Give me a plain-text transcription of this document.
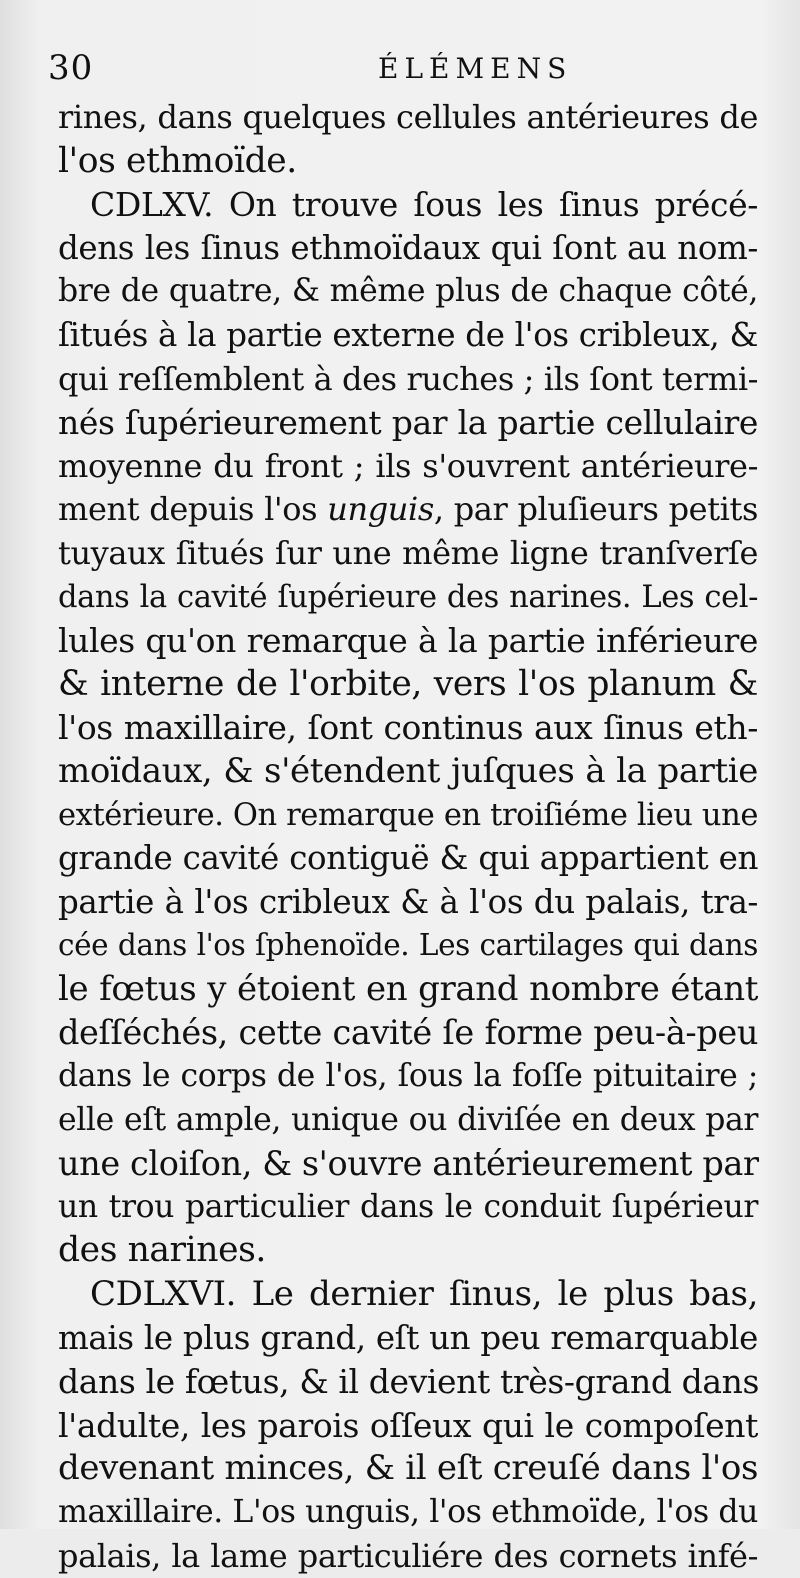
30	ÉLÉMENS
rines, dans quelques cellules antérieures de
l'os ethmoïde.
CDLXV. On trouve ſous les ſinus précé-
dens les ſinus ethmoïdaux qui ſont au nom-
bre de quatre, & même plus de chaque côté,
ſitués à la partie externe de l'os cribleux, &
qui reſſemblent à des ruches ; ils ſont termi-
nés ſupérieurement par la partie cellulaire
moyenne du front ; ils s'ouvrent antérieure-
ment depuis l'os unguis, par pluſieurs petits
tuyaux ſitués ſur une même ligne tranſverſe
dans la cavité ſupérieure des narines. Les cel-
lules qu'on remarque à la partie inférieure
& interne de l'orbite, vers l'os planum &
l'os maxillaire, ſont continus aux ſinus eth-
moïdaux, & s'étendent juſques à la partie
extérieure. On remarque en troiſiéme lieu une
grande cavité contiguë & qui appartient en
partie à l'os cribleux & à l'os du palais, tra-
cée dans l'os ſphenoïde. Les cartilages qui dans
le fœtus y étoient en grand nombre étant
deſſéchés, cette cavité ſe forme peu-à-peu
dans le corps de l'os, ſous la foſſe pituitaire ;
elle eſt ample, unique ou diviſée en deux par
une cloiſon, & s'ouvre antérieurement par
un trou particulier dans le conduit ſupérieur
des narines.
CDLXVI. Le dernier ſinus, le plus bas,
mais le plus grand, eſt un peu remarquable
dans le fœtus, & il devient très-grand dans
l'adulte, les parois oſſeux qui le compoſent
devenant minces, & il eſt creuſé dans l'os
maxillaire. L'os unguis, l'os ethmoïde, l'os du
palais, la lame particuliére des cornets infé-
